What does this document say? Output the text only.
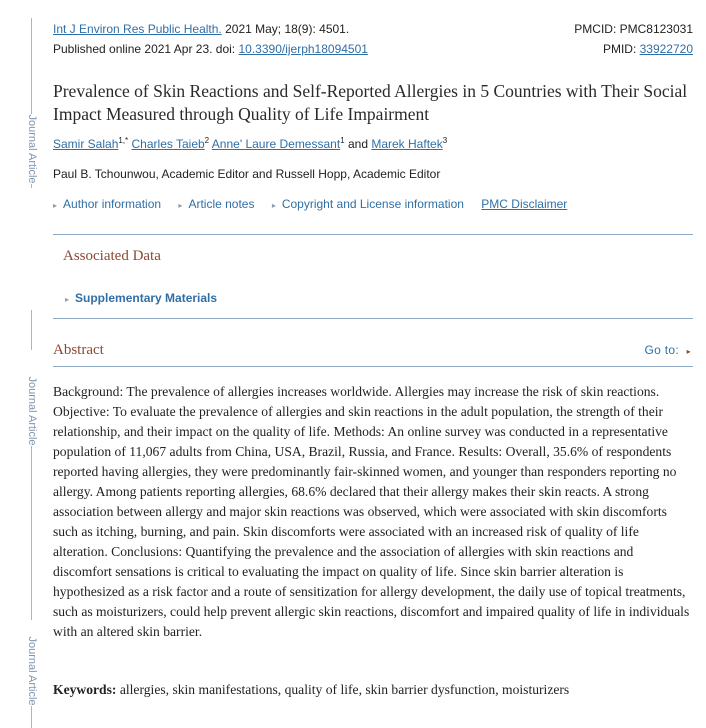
Journal Article
Journal Article
Journal Article
Int J Environ Res Public Health. 2021 May; 18(9): 4501.	PMCID: PMC8123031
Published online 2021 Apr 23. doi: 10.3390/ijerph18094501	PMID: 33922720
Prevalence of Skin Reactions and Self-Reported Allergies in 5 Countries with Their Social Impact Measured through Quality of Life Impairment
Samir Salah$^{1,*}$ Charles Taieb$^2$ Anne' Laure Demessant$^1$ and Marek Haftek$^3$
Paul B. Tchounwou, Academic Editor and Russell Hopp, Academic Editor
▸ Author information ▸ Article notes ▸ Copyright and License information PMC Disclaimer
Associated Data
▸ Supplementary Materials
Abstract	Go to: ▸
Background: The prevalence of allergies increases worldwide. Allergies may increase the risk of skin reactions. Objective: To evaluate the prevalence of allergies and skin reactions in the adult population, the strength of their relationship, and their impact on the quality of life. Methods: An online survey was conducted in a representative population of 11,067 adults from China, USA, Brazil, Russia, and France. Results: Overall, 35.6% of respondents reported having allergies, they were predominantly fair-skinned women, and younger than responders reporting no allergy. Among patients reporting allergies, 68.6% declared that their allergy makes their skin reacts. A strong association between allergy and major skin reactions was observed, which were associated with skin discomforts such as itching, burning, and pain. Skin discomforts were associated with an increased risk of quality of life alteration. Conclusions: Quantifying the prevalence and the association of allergies with skin reactions and discomfort sensations is critical to evaluating the impact on quality of life. Since skin barrier alteration is hypothesized as a risk factor and a route of sensitization for allergy development, the daily use of topical treatments, such as moisturizers, could help prevent allergic skin reactions, discomfort and impaired quality of life in individuals with an altered skin barrier.
Keywords: allergies, skin manifestations, quality of life, skin barrier dysfunction, moisturizers
